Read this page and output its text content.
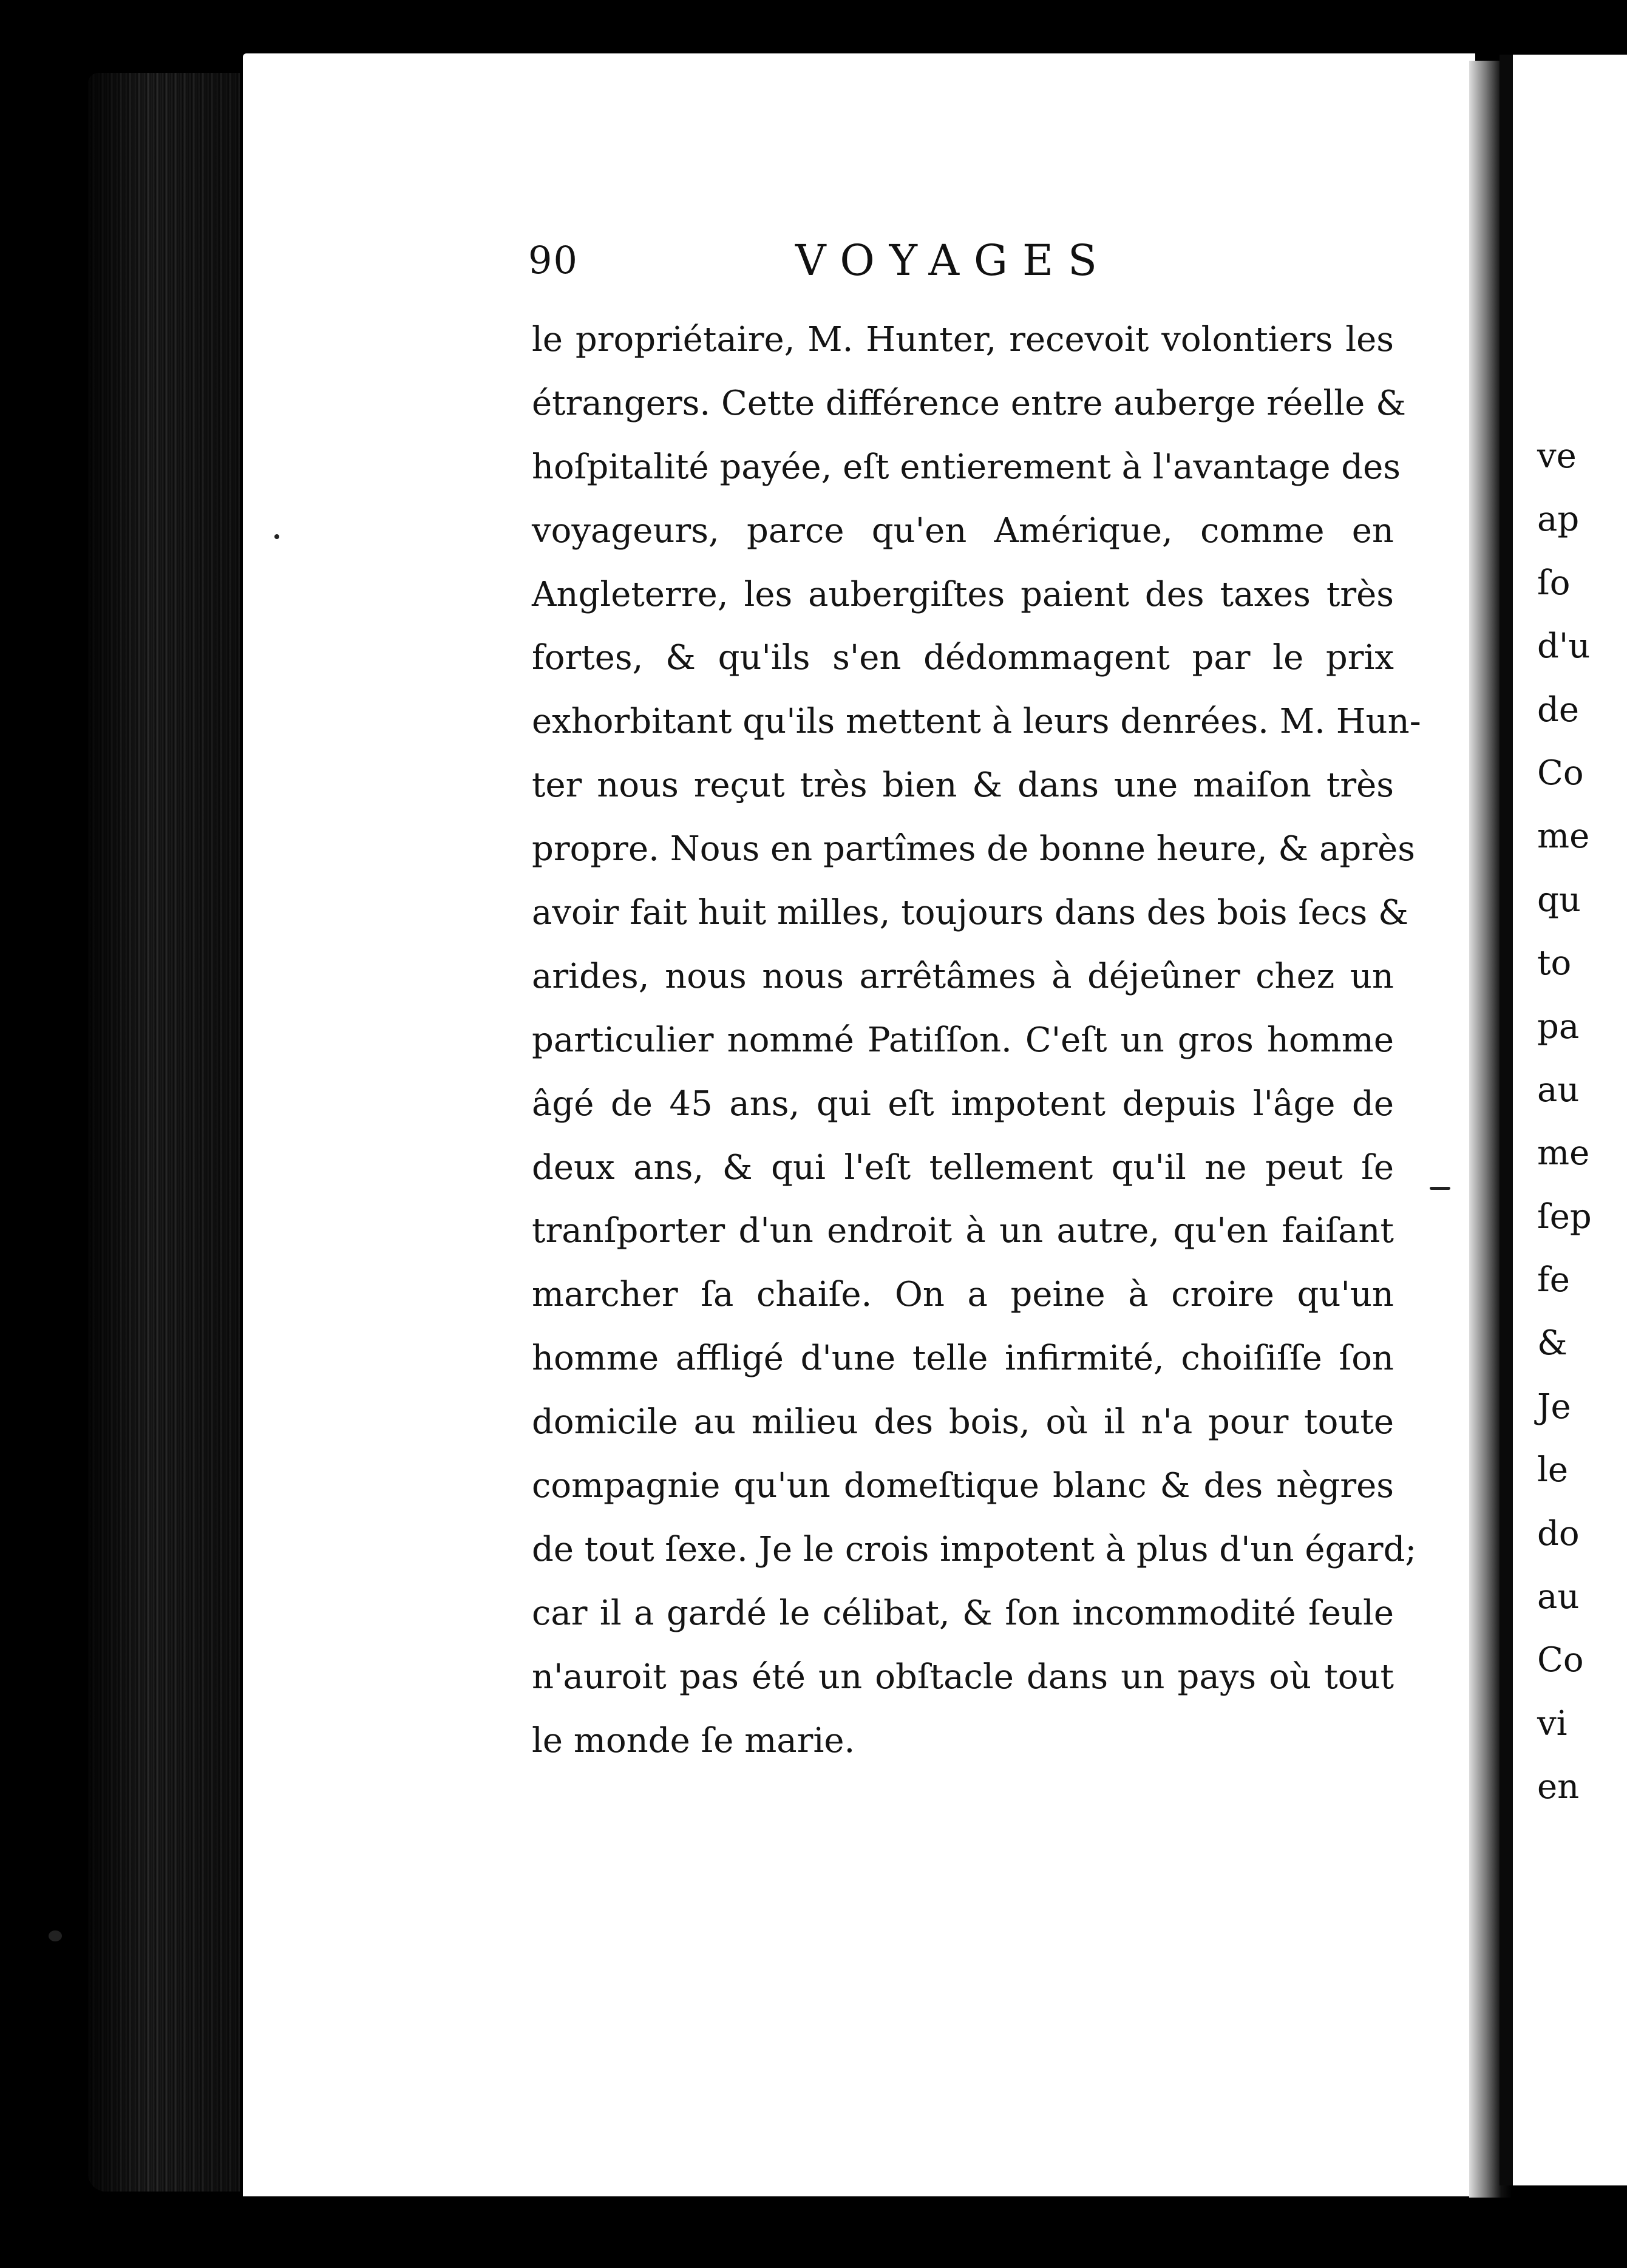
ve
ap
ſo
d'u
de
Co
me
qu
to
pa
au
me
ſep
fe
&
Je
le
do
au
Co
vi
en
90	VOYAGES
le propriétaire, M. Hunter, recevoit volontiers les
étrangers. Cette différence entre auberge réelle &
hoſpitalité payée, eſt entierement à l'avantage des
voyageurs, parce qu'en Amérique, comme en
Angleterre, les aubergiſtes paient des taxes très
fortes, & qu'ils s'en dédommagent par le prix
exhorbitant qu'ils mettent à leurs denrées. M. Hun-
ter nous reçut très bien & dans une maiſon très
propre. Nous en partîmes de bonne heure, & après
avoir fait huit milles, toujours dans des bois ſecs &
arides, nous nous arrêtâmes à déjeûner chez un
particulier nommé Patiſſon. C'eſt un gros homme
âgé de 45 ans, qui eſt impotent depuis l'âge de
deux ans, & qui l'eſt tellement qu'il ne peut ſe
tranſporter d'un endroit à un autre, qu'en faiſant
marcher ſa chaiſe. On a peine à croire qu'un
homme affligé d'une telle infirmité, choiſiſſe ſon
domicile au milieu des bois, où il n'a pour toute
compagnie qu'un domeſtique blanc & des nègres
de tout ſexe. Je le crois impotent à plus d'un égard;
car il a gardé le célibat, & ſon incommodité ſeule
n'auroit pas été un obſtacle dans un pays où tout
le monde ſe marie.
